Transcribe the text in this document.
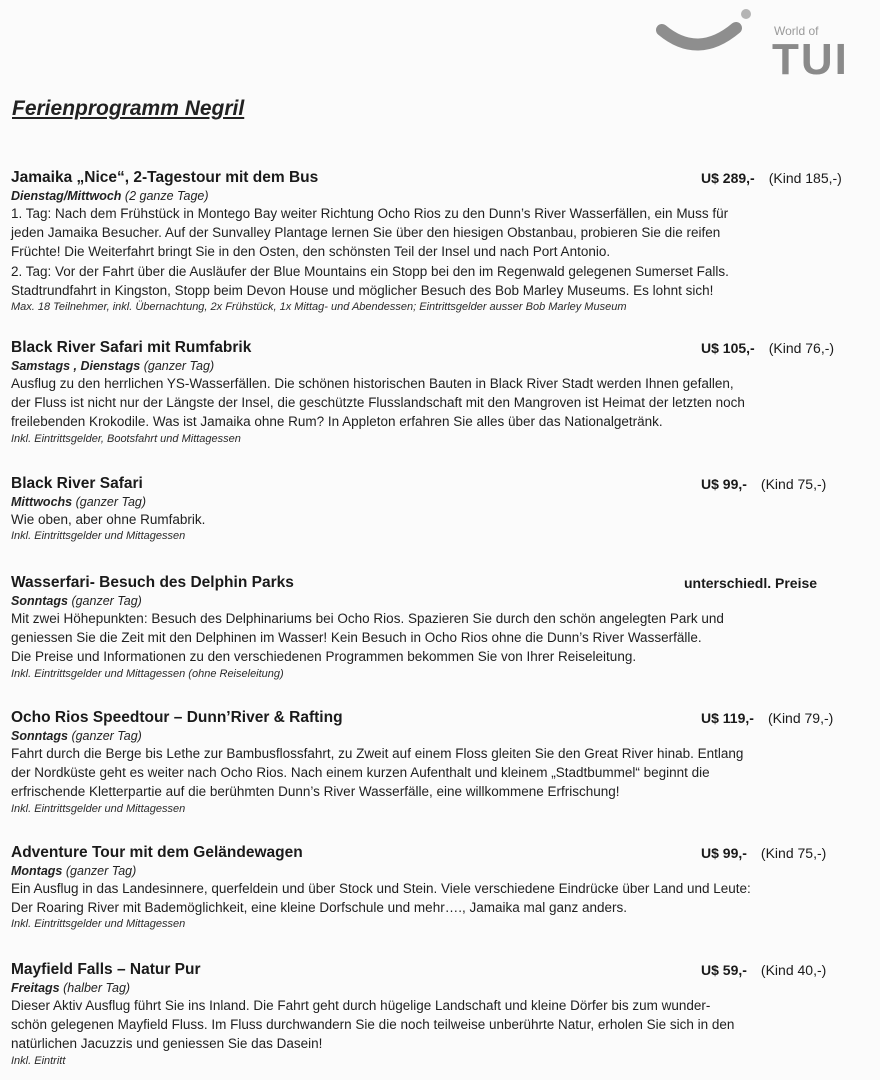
World of
TUI
Ferienprogramm Negril
Jamaika „Nice“, 2-Tagestour mit dem Bus	U$ 289,- (Kind 185,-)
Dienstag/Mittwoch (2 ganze Tage)
1. Tag: Nach dem Frühstück in Montego Bay weiter Richtung Ocho Rios zu den Dunn’s River Wasserfällen, ein Muss für
jeden Jamaika Besucher. Auf der Sunvalley Plantage lernen Sie über den hiesigen Obstanbau, probieren Sie die reifen
Früchte! Die Weiterfahrt bringt Sie in den Osten, den schönsten Teil der Insel und nach Port Antonio.
2. Tag: Vor der Fahrt über die Ausläufer der Blue Mountains ein Stopp bei den im Regenwald gelegenen Sumerset Falls.
Stadtrundfahrt in Kingston, Stopp beim Devon House und möglicher Besuch des Bob Marley Museums. Es lohnt sich!
Max. 18 Teilnehmer, inkl. Übernachtung, 2x Frühstück, 1x Mittag- und Abendessen; Eintrittsgelder ausser Bob Marley Museum
Black River Safari mit Rumfabrik	U$ 105,- (Kind 76,-)
Samstags , Dienstags (ganzer Tag)
Ausflug zu den herrlichen YS-Wasserfällen. Die schönen historischen Bauten in Black River Stadt werden Ihnen gefallen,
der Fluss ist nicht nur der Längste der Insel, die geschützte Flusslandschaft mit den Mangroven ist Heimat der letzten noch
freilebenden Krokodile. Was ist Jamaika ohne Rum? In Appleton erfahren Sie alles über das Nationalgetränk.
Inkl. Eintrittsgelder, Bootsfahrt und Mittagessen
Black River Safari	U$ 99,- (Kind 75,-)
Mittwochs (ganzer Tag)
Wie oben, aber ohne Rumfabrik.
Inkl. Eintrittsgelder und Mittagessen
Wasserfari- Besuch des Delphin Parks	unterschiedl. Preise
Sonntags (ganzer Tag)
Mit zwei Höhepunkten: Besuch des Delphinariums bei Ocho Rios. Spazieren Sie durch den schön angelegten Park und
geniessen Sie die Zeit mit den Delphinen im Wasser! Kein Besuch in Ocho Rios ohne die Dunn’s River Wasserfälle.
Die Preise und Informationen zu den verschiedenen Programmen bekommen Sie von Ihrer Reiseleitung.
Inkl. Eintrittsgelder und Mittagessen (ohne Reiseleitung)
Ocho Rios Speedtour – Dunn’River & Rafting	U$ 119,- (Kind 79,-)
Sonntags (ganzer Tag)
Fahrt durch die Berge bis Lethe zur Bambusflossfahrt, zu Zweit auf einem Floss gleiten Sie den Great River hinab. Entlang
der Nordküste geht es weiter nach Ocho Rios. Nach einem kurzen Aufenthalt und kleinem „Stadtbummel“ beginnt die
erfrischende Kletterpartie auf die berühmten Dunn’s River Wasserfälle, eine willkommene Erfrischung!
Inkl. Eintrittsgelder und Mittagessen
Adventure Tour mit dem Geländewagen	U$ 99,- (Kind 75,-)
Montags (ganzer Tag)
Ein Ausflug in das Landesinnere, querfeldein und über Stock und Stein. Viele verschiedene Eindrücke über Land und Leute:
Der Roaring River mit Bademöglichkeit, eine kleine Dorfschule und mehr…., Jamaika mal ganz anders.
Inkl. Eintrittsgelder und Mittagessen
Mayfield Falls – Natur Pur	U$ 59,- (Kind 40,-)
Freitags (halber Tag)
Dieser Aktiv Ausflug führt Sie ins Inland. Die Fahrt geht durch hügelige Landschaft und kleine Dörfer bis zum wunder-
schön gelegenen Mayfield Fluss. Im Fluss durchwandern Sie die noch teilweise unberührte Natur, erholen Sie sich in den
natürlichen Jacuzzis und geniessen Sie das Dasein!
Inkl. Eintritt
